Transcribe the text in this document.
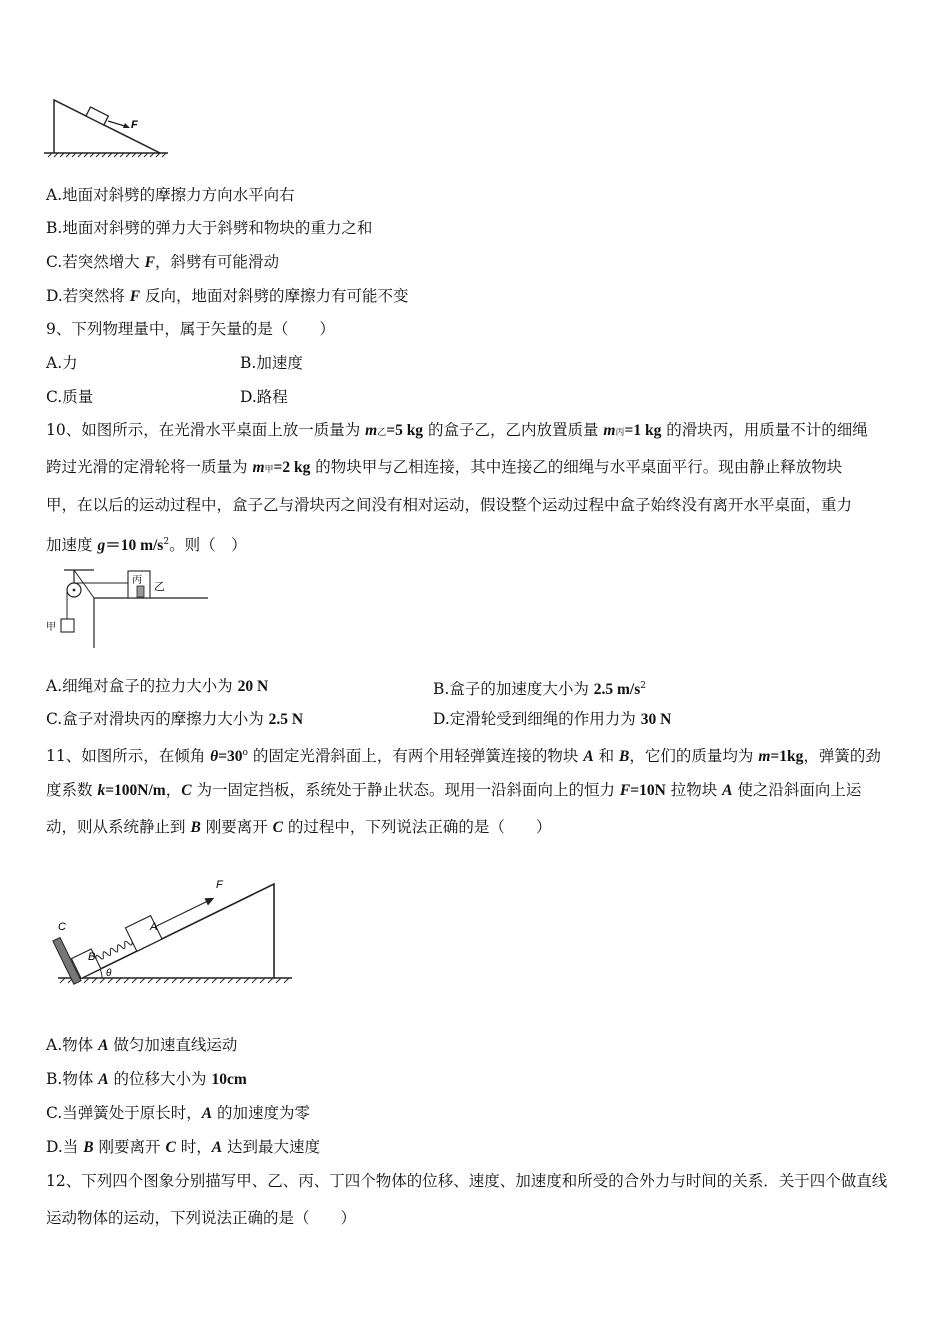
F
A.地面对斜劈的摩擦力方向水平向右
B.地面对斜劈的弹力大于斜劈和物块的重力之和
C.若突然增大 F，斜劈有可能滑动
D.若突然将 F 反向，地面对斜劈的摩擦力有可能不变
9、下列物理量中，属于矢量的是（　　）
A.力	B.加速度
C.质量	D.路程
10、如图所示，在光滑水平桌面上放一质量为 m乙=5 kg 的盒子乙，乙内放置质量 m丙=1 kg 的滑块丙，用质量不计的细绳
跨过光滑的定滑轮将一质量为 m甲=2 kg 的物块甲与乙相连接，其中连接乙的细绳与水平桌面平行。现由静止释放物块
甲，在以后的运动过程中，盒子乙与滑块丙之间没有相对运动，假设整个运动过程中盒子始终没有离开水平桌面，重力
加速度 g＝10 $m/s^2$。则（　）
甲
丙
乙
A.细绳对盒子的拉力大小为 20 N	B.盒子的加速度大小为 2.5 $m/s^2$
C.盒子对滑块丙的摩擦力大小为 2.5 N	D.定滑轮受到细绳的作用力为 30 N
11、如图所示，在倾角 $\theta=30^o$ 的固定光滑斜面上，有两个用轻弹簧连接的物块 A 和 B，它们的质量均为 m=1kg，弹簧的劲
度系数 k=100N/m，C 为一固定挡板，系统处于静止状态。现用一沿斜面向上的恒力 F=10N 拉物块 A 使之沿斜面向上运
动，则从系统静止到 B 刚要离开 C 的过程中，下列说法正确的是（　　）
θ
C
B
A
F
A.物体 A 做匀加速直线运动
B.物体 A 的位移大小为 10cm
C.当弹簧处于原长时，A 的加速度为零
D.当 B 刚要离开 C 时，A 达到最大速度
12、下列四个图象分别描写甲、乙、丙、丁四个物体的位移、速度、加速度和所受的合外力与时间的关系．关于四个做直线
运动物体的运动，下列说法正确的是（　　）
